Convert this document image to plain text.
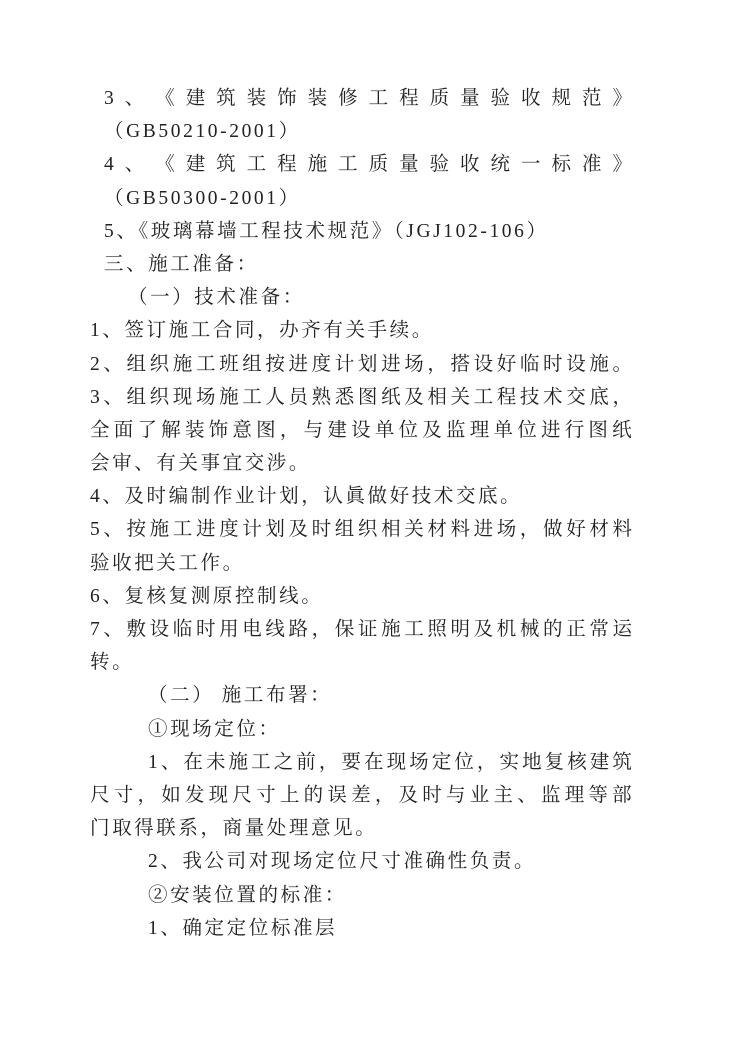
3 、 《 建 筑 装 饰 装 修 工 程 质 量 验 收 规 范 》
（GB50210-2001）
4 、 《 建 筑 工 程 施 工 质 量 验 收 统 一 标 准 》
（GB50300-2001）
5、《玻璃幕墙工程技术规范》（JGJ102-106）
三、施工准备：
（一）技术准备：
1、签订施工合同，办齐有关手续。
2 、 组 织 施 工 班 组 按 进 度 计 划 进 场 ， 搭 设 好 临 时 设 施 。
3 、 组 织 现 场 施 工 人 员 熟 悉 图 纸 及 相 关 工 程 技 术 交 底 ，
全 面 了 解 装 饰 意 图 ， 与 建 设 单 位 及 监 理 单 位 进 行 图 纸
会审、有关事宜交涉。
4、及时编制作业计划，认眞做好技术交底。
5 、 按 施 工 进 度 计 划 及 时 组 织 相 关 材 料 进 场 ， 做 好 材 料
验收把关工作。
6、复核复测原控制线。
7 、 敷 设 临 时 用 电 线 路 ， 保 证 施 工 照 明 及 机 械 的 正 常 运
转。
（二） 施工布署：
①现场定位：
1 、 在 未 施 工 之 前 ， 要 在 现 场 定 位 ， 实 地 复 核 建 筑
尺 寸 ， 如 发 现 尺 寸 上 的 误 差 ， 及 时 与 业 主 、 监 理 等 部
门取得联系，商量处理意见。
2、我公司对现场定位尺寸准确性负责。
②安装位置的标准：
1、确定定位标准层
